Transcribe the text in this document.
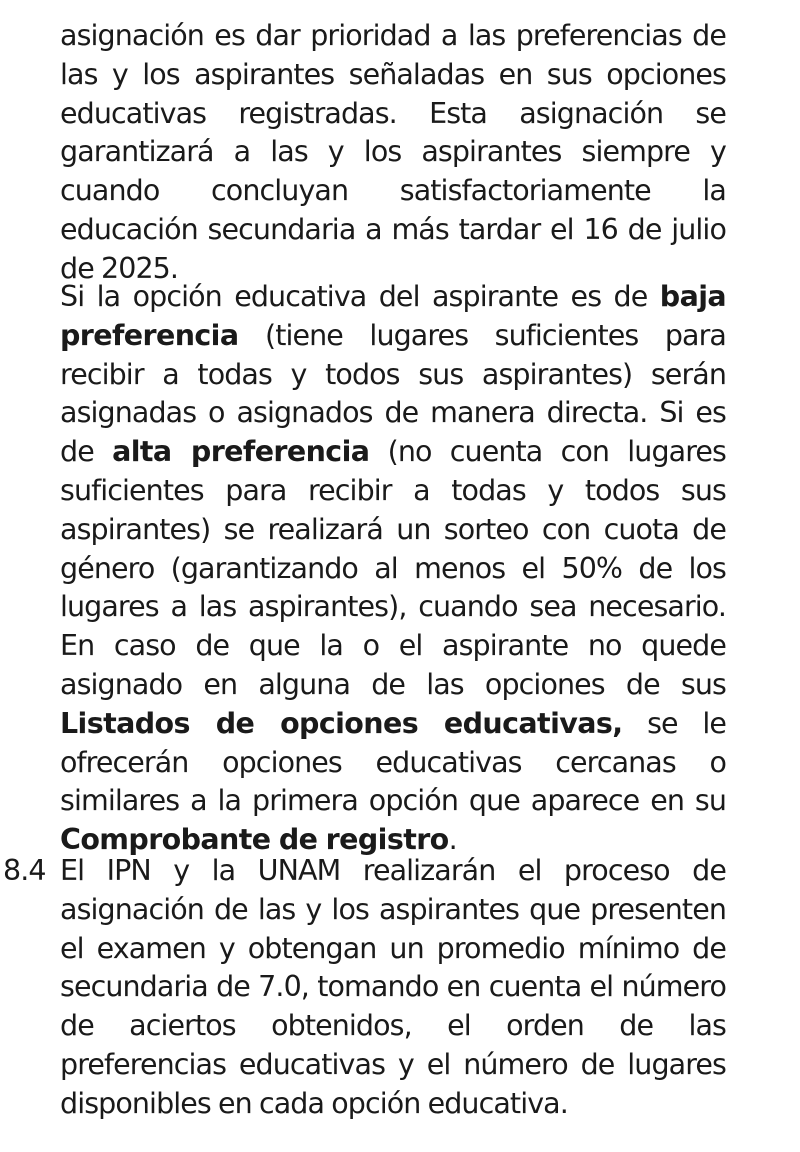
asignación es dar prioridad a las preferencias de las y los aspirantes señaladas en sus opciones educativas registradas. Esta asignación se garantizará a las y los aspirantes siempre y cuando concluyan satisfactoriamente la educación secundaria a más tardar el 16 de julio de 2025.

Si la opción educativa del aspirante es de baja preferencia (tiene lugares suficientes para recibir a todas y todos sus aspirantes) serán asignadas o asignados de manera directa. Si es de alta preferencia (no cuenta con lugares suficientes para recibir a todas y todos sus aspirantes) se realizará un sorteo con cuota de género (garantizando al menos el 50% de los lugares a las aspirantes), cuando sea necesario. En caso de que la o el aspirante no quede asignado en alguna de las opciones de sus Listados de opciones educativas, se le ofrecerán opciones educativas cercanas o similares a la primera opción que aparece en su Comprobante de registro.

8.4 El IPN y la UNAM realizarán el proceso de asignación de las y los aspirantes que presenten el examen y obtengan un promedio mínimo de secundaria de 7.0, tomando en cuenta el número de aciertos obtenidos, el orden de las preferencias educativas y el número de lugares disponibles en cada opción educativa.
